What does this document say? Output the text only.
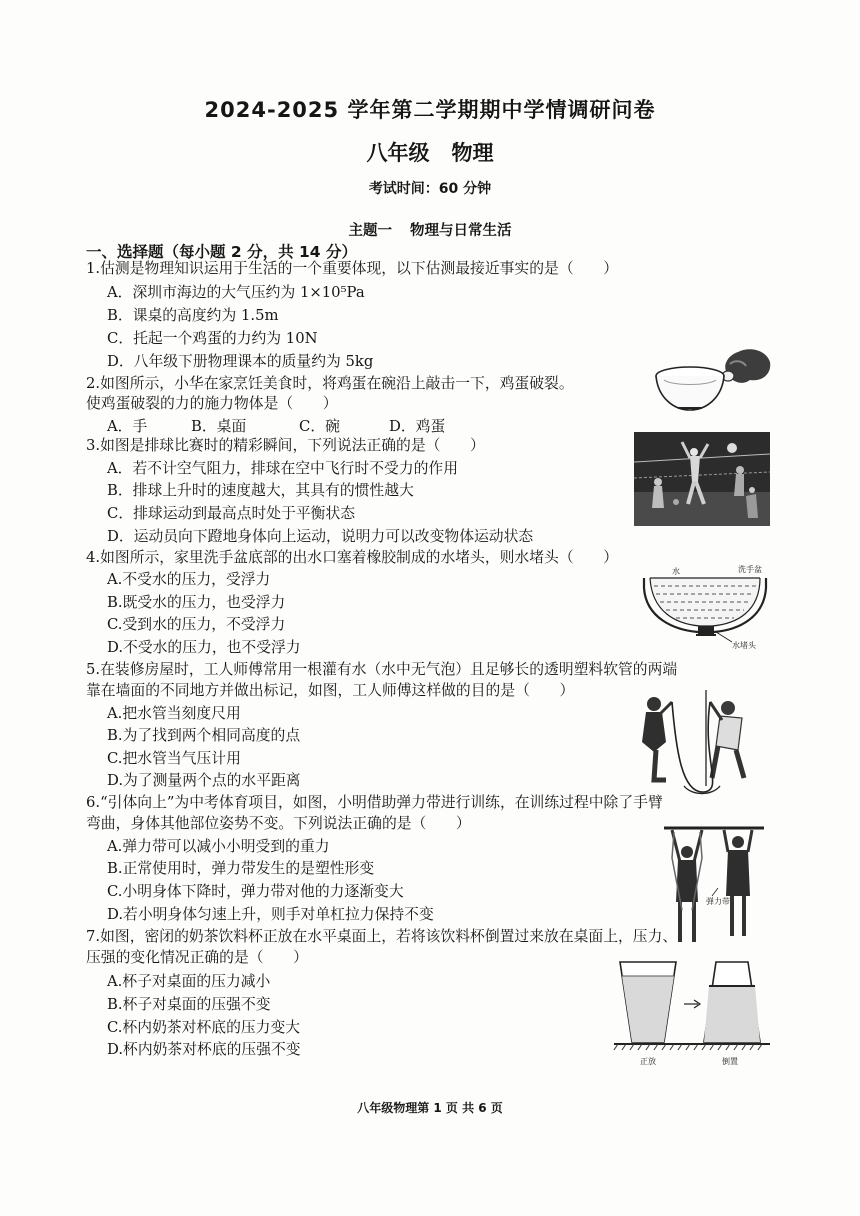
2024-2025 学年第二学期期中学情调研问卷
八年级 物理
考试时间：60 分钟
主题一 物理与日常生活
一、选择题（每小题 2 分，共 14 分）
1.估测是物理知识运用于生活的一个重要体现，以下估测最接近事实的是（　　）
A．深圳市海边的大气压约为 1×10⁵Pa
B．课桌的高度约为 1.5m
C．托起一个鸡蛋的力约为 10N
D．八年级下册物理课本的质量约为 5kg
2.如图所示，小华在家烹饪美食时，将鸡蛋在碗沿上敲击一下，鸡蛋破裂。
使鸡蛋破裂的力的施力物体是（　　）
A．手	B．桌面	C．碗	D．鸡蛋
3.如图是排球比赛时的精彩瞬间，下列说法正确的是（　　）
A．若不计空气阻力，排球在空中飞行时不受力的作用
B．排球上升时的速度越大，其具有的惯性越大
C．排球运动到最高点时处于平衡状态
D．运动员向下蹬地身体向上运动，说明力可以改变物体运动状态
4.如图所示，家里洗手盆底部的出水口塞着橡胶制成的水堵头，则水堵头（　　）
A.不受水的压力，受浮力
B.既受水的压力，也受浮力
C.受到水的压力，不受浮力
D.不受水的压力，也不受浮力
5.在装修房屋时，工人师傅常用一根灌有水（水中无气泡）且足够长的透明塑料软管的两端
靠在墙面的不同地方并做出标记，如图，工人师傅这样做的目的是（　　）
A.把水管当刻度尺用
B.为了找到两个相同高度的点
C.把水管当气压计用
D.为了测量两个点的水平距离
6.“引体向上”为中考体育项目，如图，小明借助弹力带进行训练，在训练过程中除了手臂
弯曲，身体其他部位姿势不变。下列说法正确的是（　　）
A.弹力带可以减小小明受到的重力
B.正常使用时，弹力带发生的是塑性形变
C.小明身体下降时，弹力带对他的力逐渐变大
D.若小明身体匀速上升，则手对单杠拉力保持不变
7.如图，密闭的奶茶饮料杯正放在水平桌面上，若将该饮料杯倒置过来放在桌面上，压力、
压强的变化情况正确的是（　　）
A.杯子对桌面的压力减小
B.杯子对桌面的压强不变
C.杯内奶茶对杯底的压力变大
D.杯内奶茶对杯底的压强不变
水	洗手盆
水堵头
弹力带
正放	倒置
八年级物理第 1 页 共 6 页
